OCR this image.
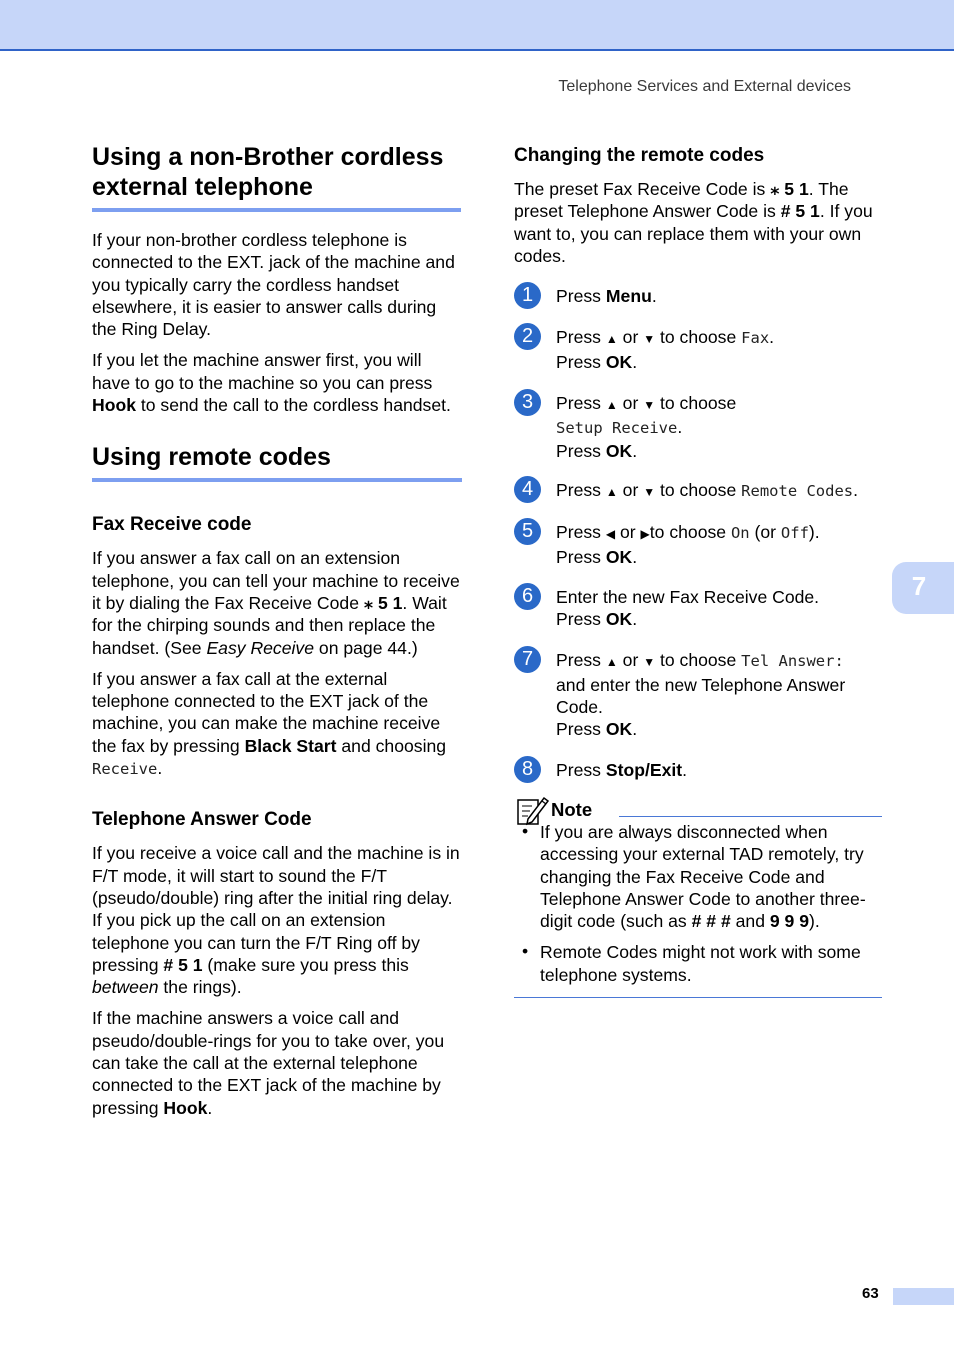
Telephone Services and External devices
Using a non-Brother cordless external telephone

If your non-brother cordless telephone is connected to the EXT. jack of the machine and you typically carry the cordless handset elsewhere, it is easier to answer calls during the Ring Delay.

If you let the machine answer first, you will have to go to the machine so you can press Hook to send the call to the cordless handset.

Using remote codes
Fax Receive code

If you answer a fax call on an extension telephone, you can tell your machine to receive it by dialing the Fax Receive Code ⁎ 5 1. Wait for the chirping sounds and then replace the handset. (See Easy Receive on page 44.)

If you answer a fax call at the external telephone connected to the EXT jack of the machine, you can make the machine receive the fax by pressing Black Start and choosing Receive.

Telephone Answer Code

If you receive a voice call and the machine is in F/T mode, it will start to sound the F/T (pseudo/double) ring after the initial ring delay. If you pick up the call on an extension telephone you can turn the F/T Ring off by pressing # 5 1 (make sure you press this between the rings).

If the machine answers a voice call and pseudo/double-rings for you to take over, you can take the call at the external telephone connected to the EXT jack of the machine by pressing Hook.

Changing the remote codes

The preset Fax Receive Code is ⁎ 5 1. The preset Telephone Answer Code is # 5 1. If you want to, you can replace them with your own codes.

1	Press Menu.

2	Press ▲ or ▼ to choose Fax.
Press OK.

3	Press ▲ or ▼ to choose
Setup Receive.
Press OK.

4	Press ▲ or ▼ to choose Remote Codes.

5	Press ◀ or ▶to choose On (or Off).
Press OK.

6	Enter the new Fax Receive Code.
Press OK.

7	Press ▲ or ▼ to choose Tel Answer:
and enter the new Telephone Answer Code.
Press OK.

8	Press Stop/Exit.

Note
• If you are always disconnected when accessing your external TAD remotely, try changing the Fax Receive Code and Telephone Answer Code to another three-digit code (such as # # # and 9 9 9).

• Remote Codes might not work with some telephone systems.

7
63
